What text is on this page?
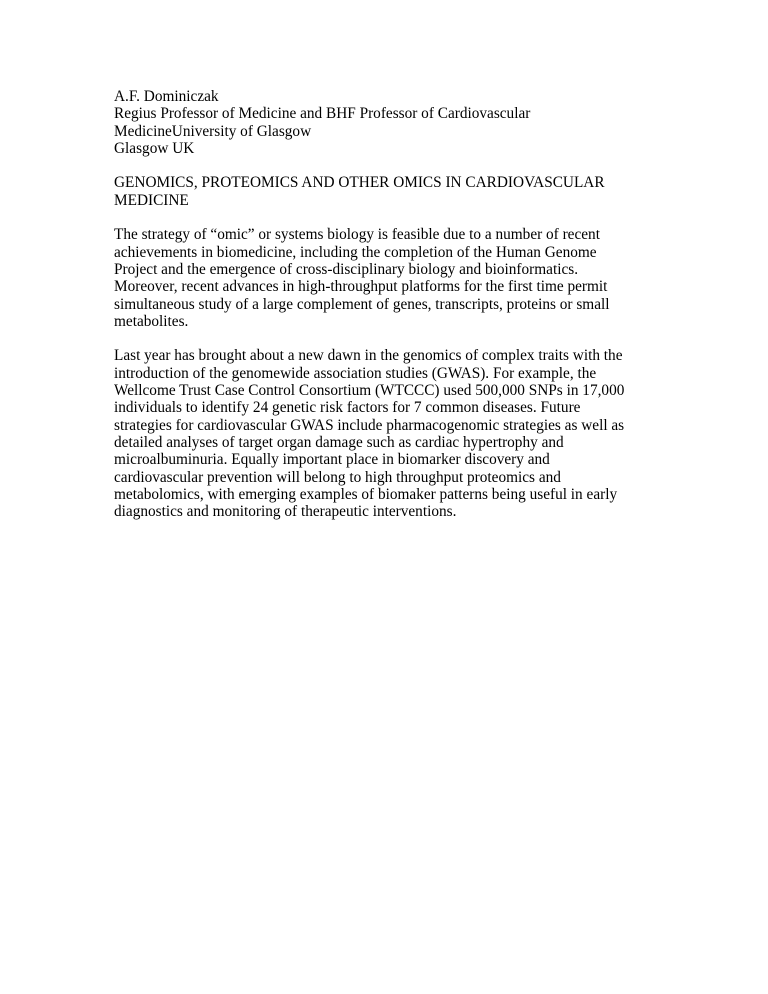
A.F. Dominiczak
Regius Professor of Medicine and BHF Professor of Cardiovascular
MedicineUniversity of Glasgow
Glasgow UK
GENOMICS, PROTEOMICS AND OTHER OMICS IN CARDIOVASCULAR
MEDICINE
The strategy of “omic” or systems biology is feasible due to a number of recent
achievements in biomedicine, including the completion of the Human Genome
Project and the emergence of cross-disciplinary biology and bioinformatics.
Moreover, recent advances in high-throughput platforms for the first time permit
simultaneous study of a large complement of genes, transcripts, proteins or small
metabolites.
Last year has brought about a new dawn in the genomics of complex traits with the
introduction of the genomewide association studies (GWAS). For example, the
Wellcome Trust Case Control Consortium (WTCCC) used 500,000 SNPs in 17,000
individuals to identify 24 genetic risk factors for 7 common diseases. Future
strategies for cardiovascular GWAS include pharmacogenomic strategies as well as
detailed analyses of target organ damage such as cardiac hypertrophy and
microalbuminuria. Equally important place in biomarker discovery and
cardiovascular prevention will belong to high throughput proteomics and
metabolomics, with emerging examples of biomaker patterns being useful in early
diagnostics and monitoring of therapeutic interventions.
